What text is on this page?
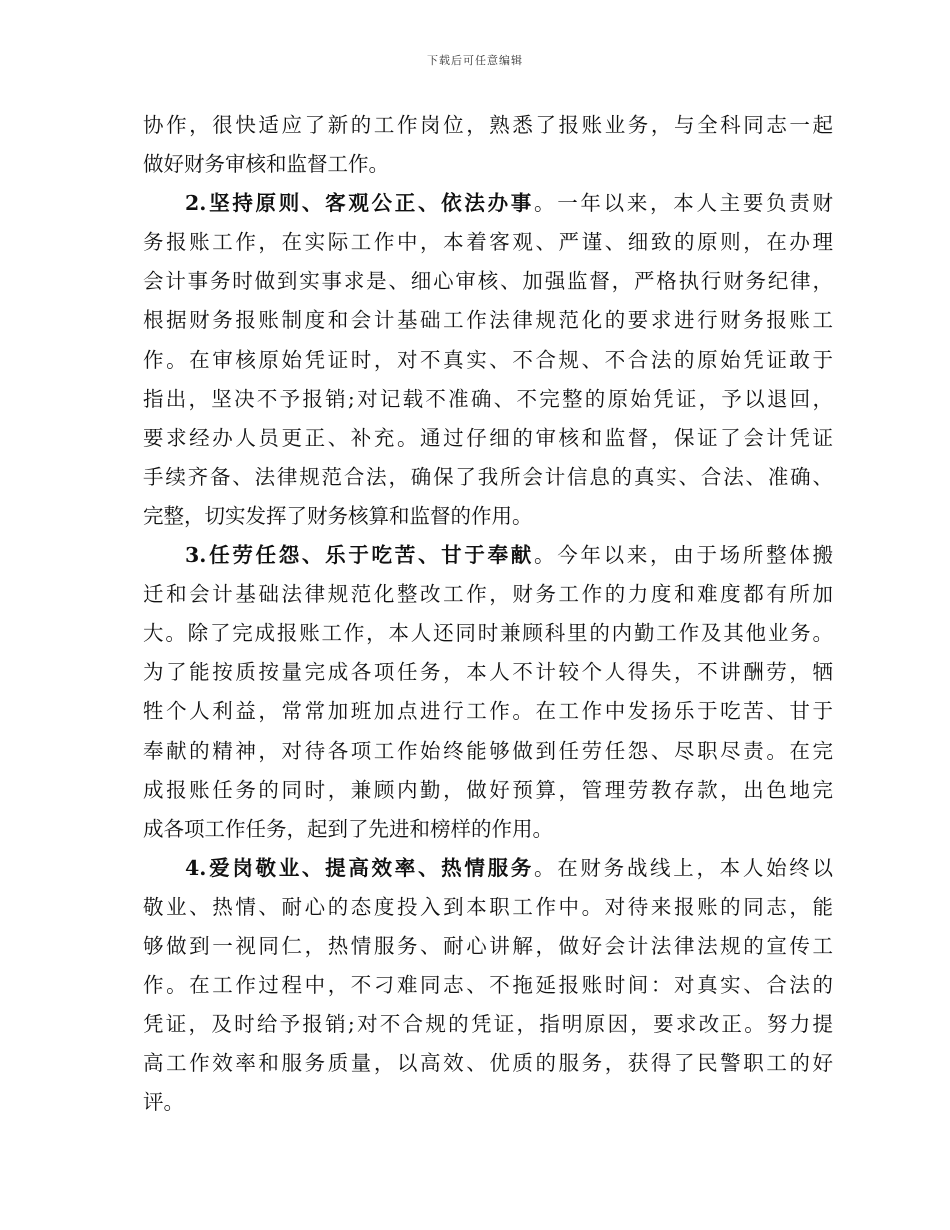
下载后可任意编辑
协作，很快适应了新的工作岗位，熟悉了报账业务，与全科同志一起
做好财务审核和监督工作。
2.坚持原则、客观公正、依法办事。一年以来，本人主要负责财
务报账工作，在实际工作中，本着客观、严谨、细致的原则，在办理
会计事务时做到实事求是、细心审核、加强监督，严格执行财务纪律，
根据财务报账制度和会计基础工作法律规范化的要求进行财务报账工
作。在审核原始凭证时，对不真实、不合规、不合法的原始凭证敢于
指出，坚决不予报销;对记载不准确、不完整的原始凭证，予以退回，
要求经办人员更正、补充。通过仔细的审核和监督，保证了会计凭证
手续齐备、法律规范合法，确保了我所会计信息的真实、合法、准确、
完整，切实发挥了财务核算和监督的作用。
3.任劳任怨、乐于吃苦、甘于奉献。今年以来，由于场所整体搬
迁和会计基础法律规范化整改工作，财务工作的力度和难度都有所加
大。除了完成报账工作，本人还同时兼顾科里的内勤工作及其他业务。
为了能按质按量完成各项任务，本人不计较个人得失，不讲酬劳，牺
牲个人利益，常常加班加点进行工作。在工作中发扬乐于吃苦、甘于
奉献的精神，对待各项工作始终能够做到任劳任怨、尽职尽责。在完
成报账任务的同时，兼顾内勤，做好预算，管理劳教存款，出色地完
成各项工作任务，起到了先进和榜样的作用。
4.爱岗敬业、提高效率、热情服务。在财务战线上，本人始终以
敬业、热情、耐心的态度投入到本职工作中。对待来报账的同志，能
够做到一视同仁，热情服务、耐心讲解，做好会计法律法规的宣传工
作。在工作过程中，不刁难同志、不拖延报账时间：对真实、合法的
凭证，及时给予报销;对不合规的凭证，指明原因，要求改正。努力提
高工作效率和服务质量，以高效、优质的服务，获得了民警职工的好
评。
